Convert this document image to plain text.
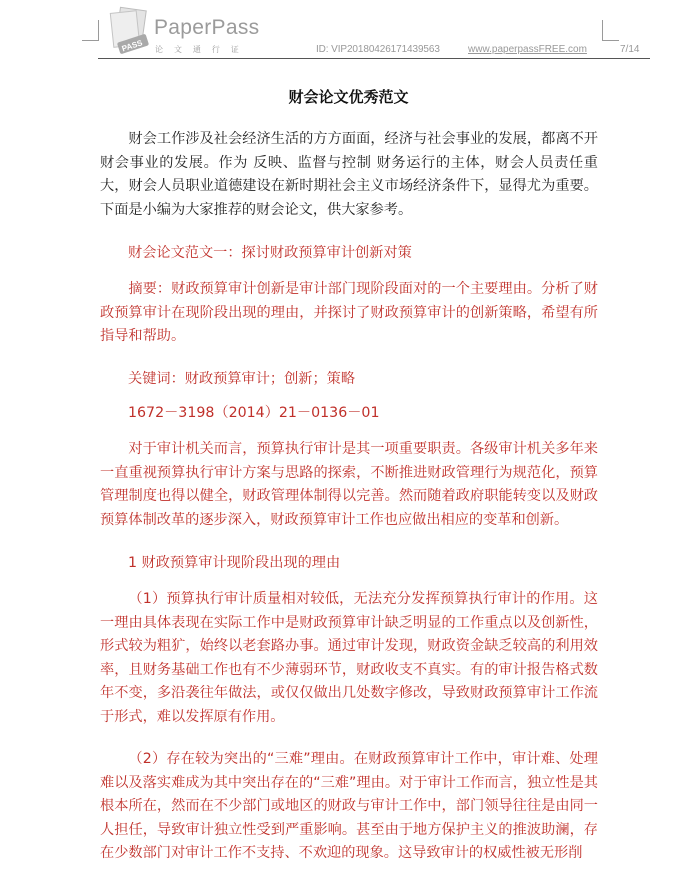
PASS
PaperPass
论 文 通 行 证	ID: VIP20180426171439563	www.paperpassFREE.com	7/14
财会论文优秀范文

财会工作涉及社会经济生活的方方面面，经济与社会事业的发展，都离不开财会事业的发展。作为 反映、监督与控制 财务运行的主体，财会人员责任重大，财会人员职业道德建设在新时期社会主义市场经济条件下，显得尤为重要。下面是小编为大家推荐的财会论文，供大家参考。

财会论文范文一：探讨财政预算审计创新对策

摘要：财政预算审计创新是审计部门现阶段面对的一个主要理由。分析了财政预算审计在现阶段出现的理由，并探讨了财政预算审计的创新策略，希望有所指导和帮助。

关键词：财政预算审计；创新；策略

1672－3198（2014）21－0136－01

对于审计机关而言，预算执行审计是其一项重要职责。各级审计机关多年来一直重视预算执行审计方案与思路的探索，不断推进财政管理行为规范化，预算管理制度也得以健全，财政管理体制得以完善。然而随着政府职能转变以及财政预算体制改革的逐步深入，财政预算审计工作也应做出相应的变革和创新。

1 财政预算审计现阶段出现的理由

（1）预算执行审计质量相对较低，无法充分发挥预算执行审计的作用。这一理由具体表现在实际工作中是财政预算审计缺乏明显的工作重点以及创新性，形式较为粗犷，始终以老套路办事。通过审计发现，财政资金缺乏较高的利用效率，且财务基础工作也有不少薄弱环节，财政收支不真实。有的审计报告格式数年不变，多沿袭往年做法，或仅仅做出几处数字修改，导致财政预算审计工作流于形式，难以发挥原有作用。

（2）存在较为突出的“三难”理由。在财政预算审计工作中，审计难、处理难以及落实难成为其中突出存在的“三难”理由。对于审计工作而言，独立性是其根本所在，然而在不少部门或地区的财政与审计工作中，部门领导往往是由同一人担任，导致审计独立性受到严重影响。甚至由于地方保护主义的推波助澜，存在少数部门对审计工作不支持、不欢迎的现象。这导致审计的权威性被无形削
